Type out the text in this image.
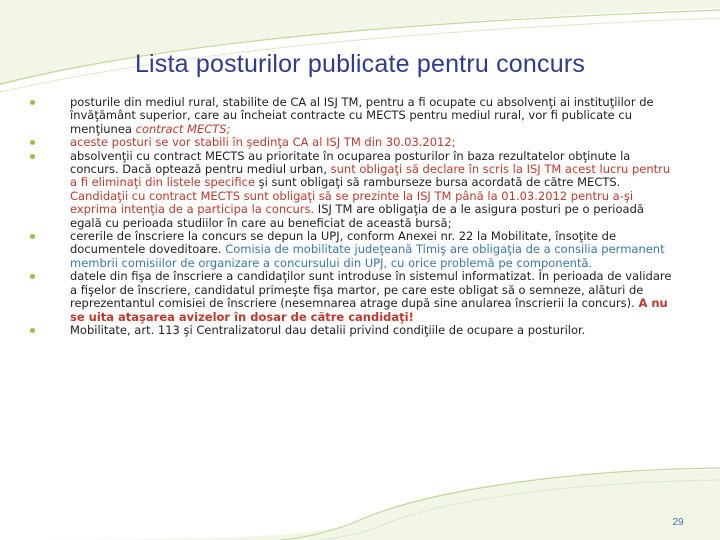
Lista posturilor publicate pentru concurs
posturile din mediul rural, stabilite de CA al ISJ TM, pentru a fi ocupate cu absolvenţi ai instituţiilor de învăţământ superior, care au încheiat contracte cu MECTS pentru mediul rural, vor fi publicate cu menţiunea contract MECTS;
aceste posturi se vor stabili în şedinţa CA al ISJ TM din 30.03.2012;
absolvenţii cu contract MECTS au prioritate în ocuparea posturilor în baza rezultatelor obţinute la concurs. Dacă optează pentru mediul urban, sunt obligaţi să declare în scris la ISJ TM acest lucru pentru a fi eliminaţi din listele specifice şi sunt obligaţi să ramburseze bursa acordată de către MECTS. Candidaţii cu contract MECTS sunt obligaţi să se prezinte la ISJ TM până la 01.03.2012 pentru a-şi exprima intenţia de a participa la concurs. ISJ TM are obligaţia de a le asigura posturi pe o perioadă egală cu perioada studiilor în care au beneficiat de această bursă;
cererile de înscriere la concurs se depun la UPJ, conform Anexei nr. 22 la Mobilitate, însoţite de documentele doveditoare. Comisia de mobilitate judeţeană Timiş are obligaţia de a consilia permanent membrii comisiilor de organizare a concursului din UPJ, cu orice problemă pe componentă.
datele din fişa de înscriere a candidaţilor sunt introduse în sistemul informatizat. În perioada de validare a fişelor de înscriere, candidatul primeşte fişa martor, pe care este obligat să o semneze, alături de reprezentantul comisiei de înscriere (nesemnarea atrage după sine anularea înscrierii la concurs). A nu se uita ataşarea avizelor în dosar de către candidaţi!
Mobilitate, art. 113 şi Centralizatorul dau detalii privind condiţiile de ocupare a posturilor.
29
